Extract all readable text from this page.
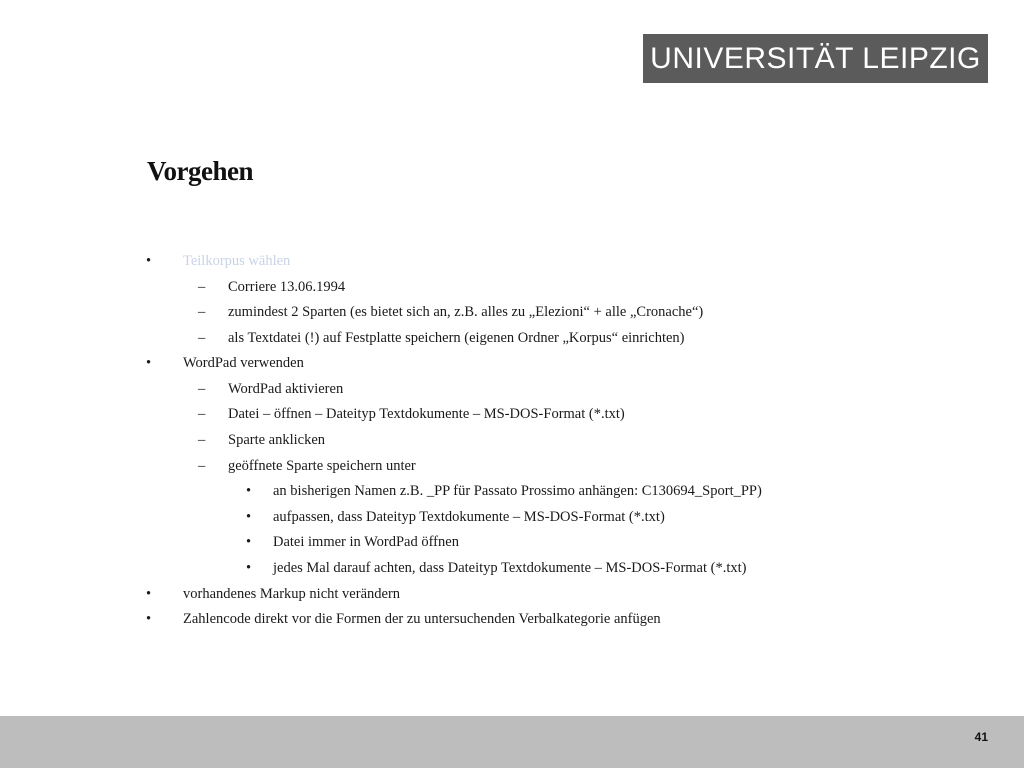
UNIVERSITÄT LEIPZIG
Vorgehen
• Teilkorpus wählen
– Corriere 13.06.1994
– zumindest 2 Sparten (es bietet sich an, z.B. alles zu „Elezioni“ + alle „Cronache“)
– als Textdatei (!) auf Festplatte speichern (eigenen Ordner „Korpus“ einrichten)
• WordPad verwenden
– WordPad aktivieren
– Datei – öffnen – Dateityp Textdokumente – MS-DOS-Format (*.txt)
– Sparte anklicken
– geöffnete Sparte speichern unter
• an bisherigen Namen z.B. _PP für Passato Prossimo anhängen: C130694_Sport_PP)
• aufpassen, dass Dateityp Textdokumente – MS-DOS-Format (*.txt)
• Datei immer in WordPad öffnen
• jedes Mal darauf achten, dass Dateityp Textdokumente – MS-DOS-Format (*.txt)
• vorhandenes Markup nicht verändern
• Zahlencode direkt vor die Formen der zu untersuchenden Verbalkategorie anfügen
41
